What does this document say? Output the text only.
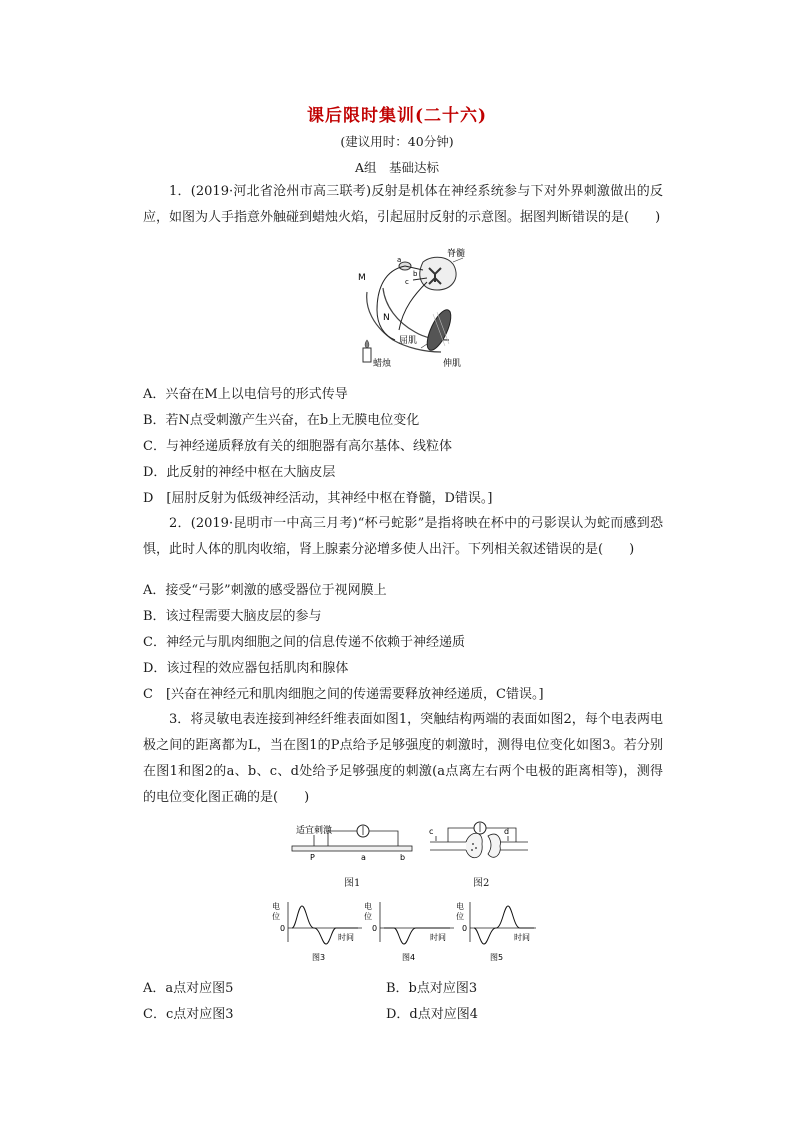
课后限时集训(二十六)
(建议用时：40分钟)
A组　基础达标
1．(2019·河北省沧州市高三联考)反射是机体在神经系统参与下对外界刺激做出的反应，如图为人手指意外触碰到蜡烛火焰，引起屈肘反射的示意图。据图判断错误的是(　　)
脊髓
M
N
a
b
c
屈肌
蜡烛	伸肌
A．兴奋在M上以电信号的形式传导
B．若N点受刺激产生兴奋，在b上无膜电位变化
C．与神经递质释放有关的细胞器有高尔基体、线粒体
D．此反射的神经中枢在大脑皮层
D　[屈肘反射为低级神经活动，其神经中枢在脊髓，D错误。]
2．(2019·昆明市一中高三月考)“杯弓蛇影”是指将映在杯中的弓影误认为蛇而感到恐惧，此时人体的肌肉收缩，肾上腺素分泌增多使人出汗。下列相关叙述错误的是(　　)
A．接受“弓影”刺激的感受器位于视网膜上
B．该过程需要大脑皮层的参与
C．神经元与肌肉细胞之间的信息传递不依赖于神经递质
D．该过程的效应器包括肌肉和腺体
C　[兴奋在神经元和肌肉细胞之间的传递需要释放神经递质，C错误。]
3．将灵敏电表连接到神经纤维表面如图1，突触结构两端的表面如图2，每个电表两电极之间的距离都为L，当在图1的P点给予足够强度的刺激时，测得电位变化如图3。若分别在图1和图2的a、b、c、d处给予足够强度的刺激(a点离左右两个电极的距离相等)，测得的电位变化图正确的是(　　)
适宜刺激
P	a	b
图1
c	d
图2
电
位
0
时间
图3
电
位
0
时间
图4
电
位
0
时间
图5
A．a点对应图5	B．b点对应图3
C．c点对应图3	D．d点对应图4
